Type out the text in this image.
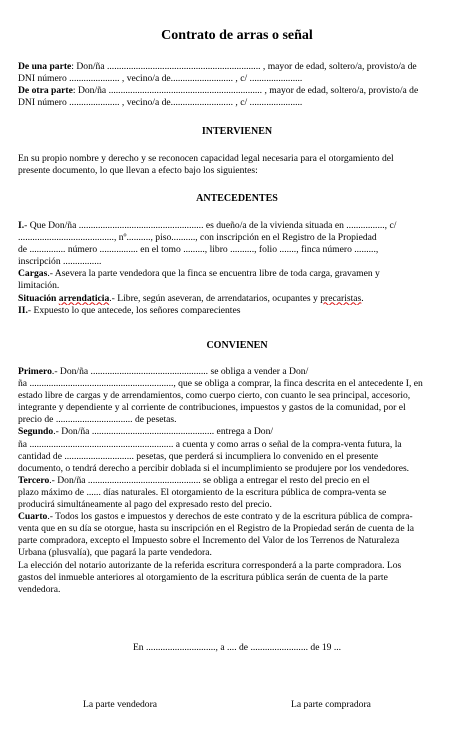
Contrato de arras o señal
De una parte: Don/ña ................................................................ , mayor de edad, soltero/a, provisto/a de
DNI número ..................... , vecino/a de.......................... , c/ ......................
De otra parte: Don/ña ................................................................ , mayor de edad, soltero/a, provisto/a de
DNI número ..................... , vecino/a de.......................... , c/ ......................
INTERVIENEN
En su propio nombre y derecho y se reconocen capacidad legal necesaria para el otorgamiento del
presente documento, lo que llevan a efecto bajo los siguientes:
ANTECEDENTES
I.- Que Don/ña .................................................... es dueño/a de la vivienda situada en ................, c/
........................................, nº.........., piso.........., con inscripción en el Registro de la Propiedad
de ............... número ................ en el tomo ........., libro .........., folio ......., finca número .........,
inscripción ................
Cargas.- Asevera la parte vendedora que la finca se encuentra libre de toda carga, gravamen y
limitación.
Situación arrendaticia.- Libre, según aseveran, de arrendatarios, ocupantes y precaristas.
II.- Expuesto lo que antecede, los señores comparecientes
CONVIENEN
Primero.- Don/ña ................................................. se obliga a vender a Don/
ña ............................................................, que se obliga a comprar, la finca descrita en el antecedente I, en
estado libre de cargas y de arrendamientos, como cuerpo cierto, con cuanto le sea principal, accesorio,
integrante y dependiente y al corriente de contribuciones, impuestos y gastos de la comunidad, por el
precio de ................................ de pesetas.
Segundo.- Don/ña ................................................... entrega a Don/
ña ............................................................ a cuenta y como arras o señal de la compra-venta futura, la
cantidad de ............................. pesetas, que perderá si incumpliera lo convenido en el presente
documento, o tendrá derecho a percibir doblada si el incumplimiento se produjere por los vendedores.
Tercero.- Don/ña ............................................... se obliga a entregar el resto del precio en el
plazo máximo de ...... días naturales. El otorgamiento de la escritura pública de compra-venta se
producirá simultáneamente al pago del expresado resto del precio.
Cuarto.- Todos los gastos e impuestos y derechos de este contrato y de la escritura pública de compra-
venta que en su día se otorgue, hasta su inscripción en el Registro de la Propiedad serán de cuenta de la
parte compradora, excepto el Impuesto sobre el Incremento del Valor de los Terrenos de Naturaleza
Urbana (plusvalía), que pagará la parte vendedora.
La elección del notario autorizante de la referida escritura corresponderá a la parte compradora. Los
gastos del inmueble anteriores al otorgamiento de la escritura pública serán de cuenta de la parte
vendedora.
En ............................., a .... de ........................ de 19 ...
La parte vendedora	La parte compradora
